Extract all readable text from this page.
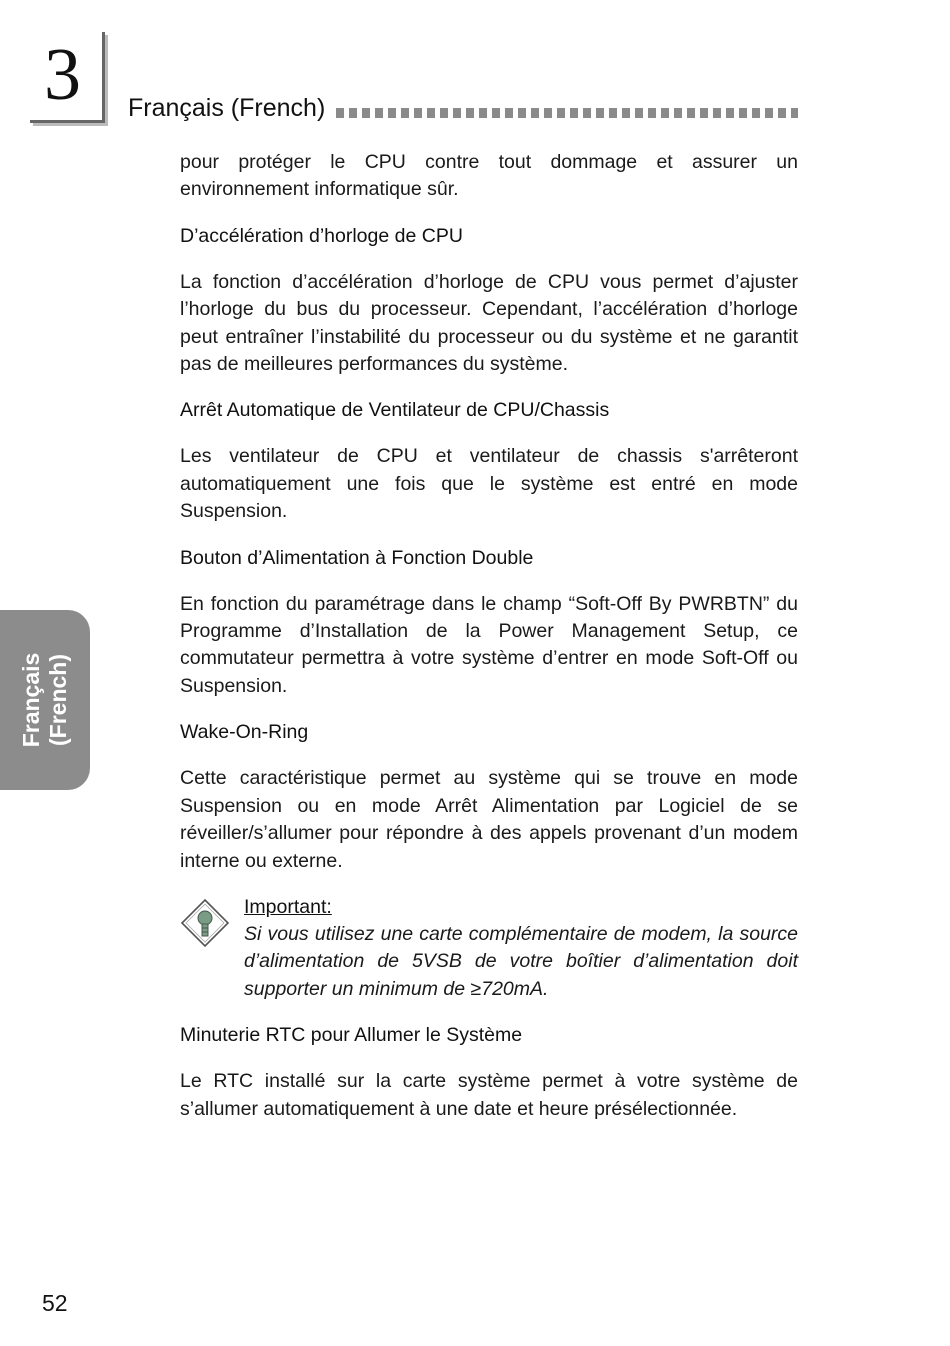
3 Français (French)
Français (French)

pour protéger le CPU contre tout dommage et assurer un environnement informatique sûr.

D’accélération d’horloge de CPU

La fonction d’accélération d’horloge de CPU vous permet d’ajuster l’horloge du bus du processeur. Cependant, l’accélération d’horloge peut entraîner l’instabilité du processeur ou du système et ne garantit pas de meilleures performances du système.

Arrêt Automatique de Ventilateur de CPU/Chassis

Les ventilateur de CPU et ventilateur de chassis s'arrêteront automatiquement une fois que le système est entré en mode Suspension.

Bouton d’Alimentation à Fonction Double

En fonction du paramétrage dans le champ “Soft-Off By PWRBTN” du Programme d’Installation de la Power Management Setup, ce commutateur permettra à votre système d’entrer en mode Soft-Off ou Suspension.

Wake-On-Ring

Cette caractéristique permet au système qui se trouve en mode Suspension ou en mode Arrêt Alimentation par Logiciel de se réveiller/s’allumer pour répondre à des appels provenant d’un modem interne ou externe.

Important:
Si vous utilisez une carte complémentaire de modem, la source d’alimentation de 5VSB de votre boîtier d’alimentation doit supporter un minimum de ≥720mA.
Minuterie RTC pour Allumer le Système

Le RTC installé sur la carte système permet à votre système de s’allumer automatiquement à une date et heure présélectionnée.

52
